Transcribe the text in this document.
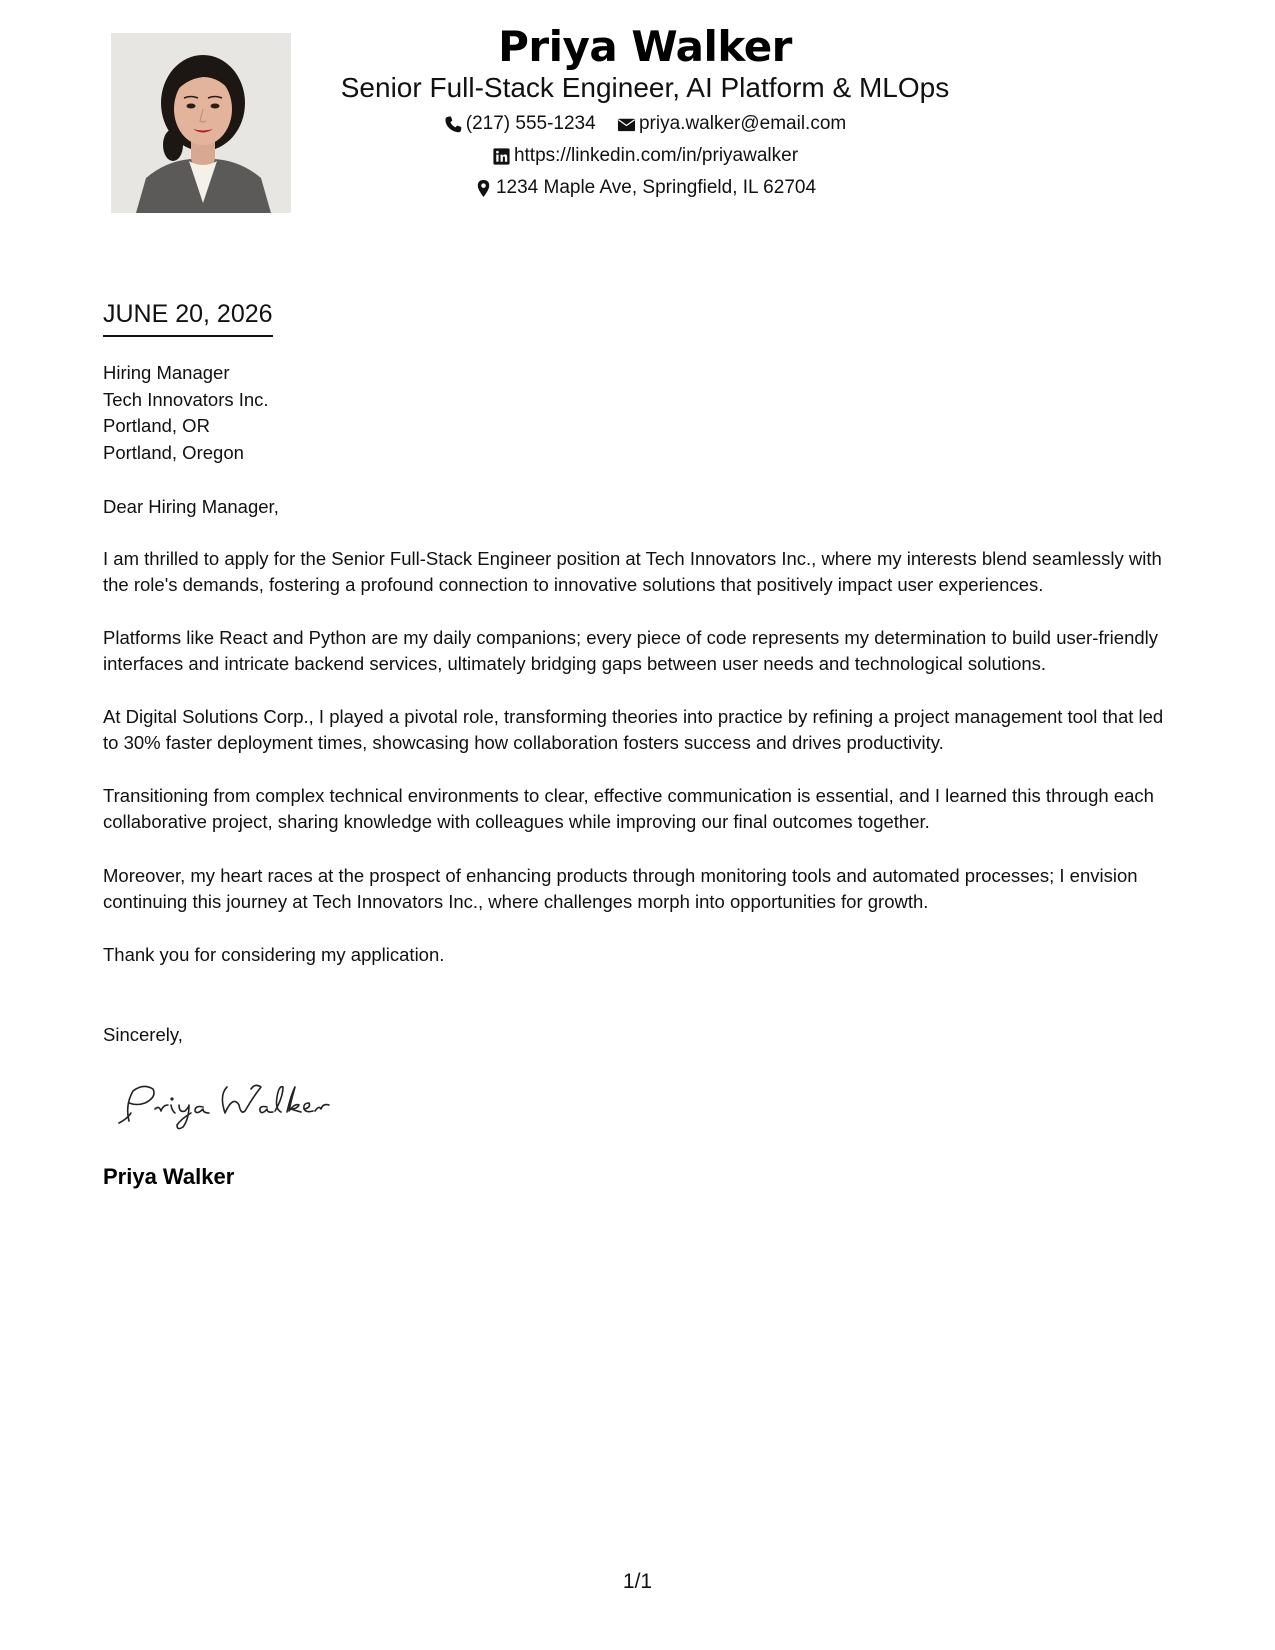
Priya Walker
Senior Full-Stack Engineer, AI Platform & MLOps
(217) 555-1234
priya.walker@email.com
https://linkedin.com/in/priyawalker
1234 Maple Ave, Springfield, IL 62704
JUNE 20, 2026
Hiring Manager
Tech Innovators Inc.
Portland, OR
Portland, Oregon
Dear Hiring Manager,
I am thrilled to apply for the Senior Full-Stack Engineer position at Tech Innovators Inc., where my interests blend seamlessly with the role's demands, fostering a profound connection to innovative solutions that positively impact user experiences.
Platforms like React and Python are my daily companions; every piece of code represents my determination to build user-friendly interfaces and intricate backend services, ultimately bridging gaps between user needs and technological solutions.
At Digital Solutions Corp., I played a pivotal role, transforming theories into practice by refining a project management tool that led to 30% faster deployment times, showcasing how collaboration fosters success and drives productivity.
Transitioning from complex technical environments to clear, effective communication is essential, and I learned this through each collaborative project, sharing knowledge with colleagues while improving our final outcomes together.
Moreover, my heart races at the prospect of enhancing products through monitoring tools and automated processes; I envision continuing this journey at Tech Innovators Inc., where challenges morph into opportunities for growth.
Thank you for considering my application.
Sincerely,
Priya Walker
1/1
